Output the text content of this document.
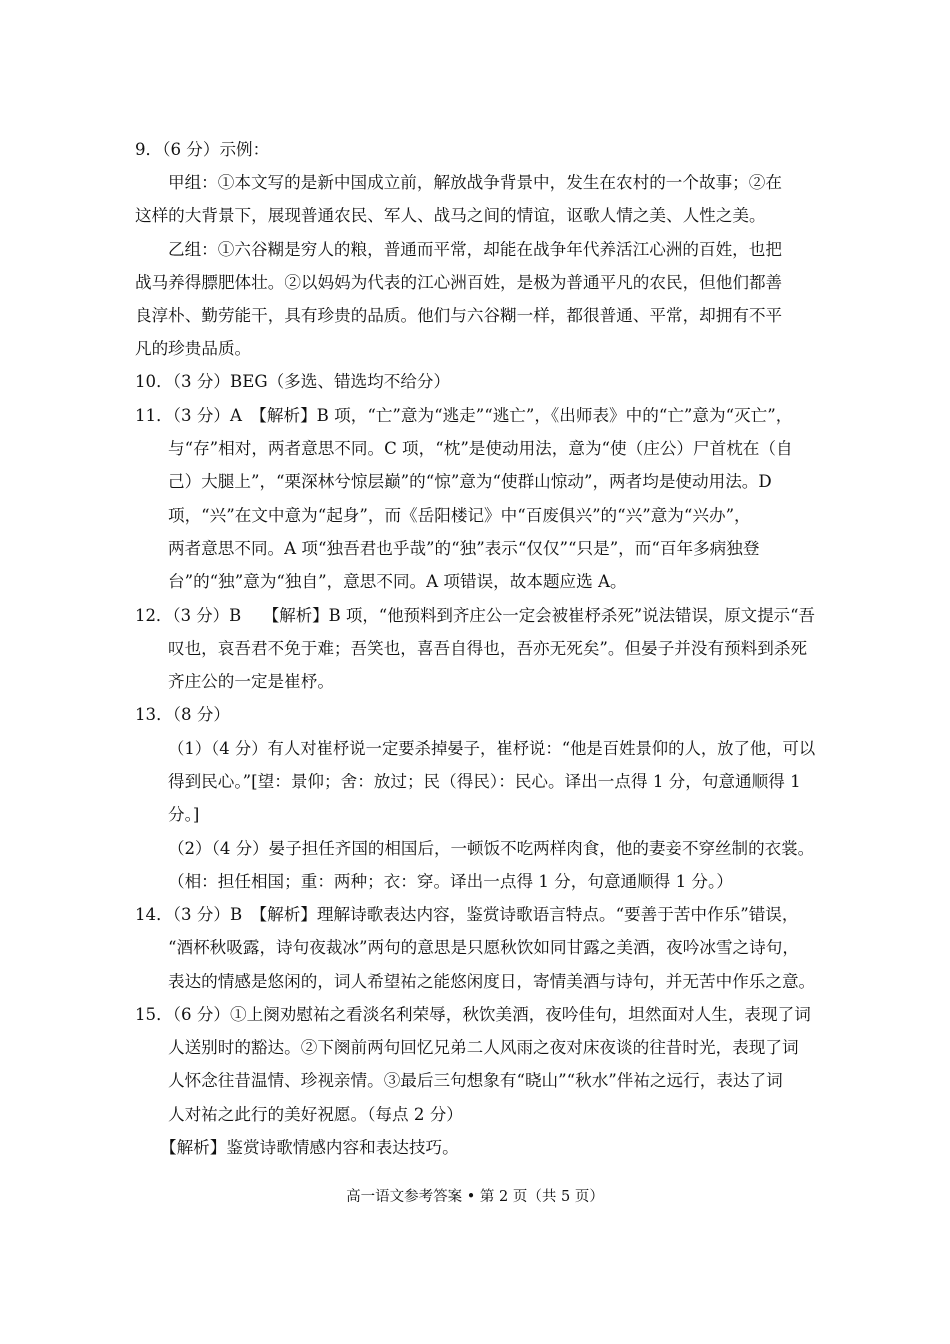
9．（6 分）示例：
甲组：①本文写的是新中国成立前，解放战争背景中，发生在农村的一个故事；②在
这样的大背景下，展现普通农民、军人、战马之间的情谊，讴歌人情之美、人性之美。
乙组：①六谷糊是穷人的粮，普通而平常，却能在战争年代养活江心洲的百姓，也把
战马养得膘肥体壮。②以妈妈为代表的江心洲百姓，是极为普通平凡的农民，但他们都善
良淳朴、勤劳能干，具有珍贵的品质。他们与六谷糊一样，都很普通、平常，却拥有不平
凡的珍贵品质。
10．（3 分）BEG（多选、错选均不给分）
11．（3 分）A　【解析】B 项，“亡”意为“逃走”“逃亡”，《出师表》中的“亡”意为“灭亡”，
与“存”相对，两者意思不同。C 项，“枕”是使动用法，意为“使（庄公）尸首枕在（自
己）大腿上”，“栗深林兮惊层巅”的“惊”意为“使群山惊动”，两者均是使动用法。D
项，“兴”在文中意为“起身”，而《岳阳楼记》中“百废俱兴”的“兴”意为“兴办”，
两者意思不同。A 项“独吾君也乎哉”的“独”表示“仅仅”“只是”，而“百年多病独登
台”的“独”意为“独自”，意思不同。A 项错误，故本题应选 A。
12．（3 分）B　 【解析】B 项，“他预料到齐庄公一定会被崔杼杀死”说法错误，原文提示“吾
叹也，哀吾君不免于难；吾笑也，喜吾自得也，吾亦无死矣”。但晏子并没有预料到杀死
齐庄公的一定是崔杼。
13．（8 分）
（1）（4 分）有人对崔杼说一定要杀掉晏子，崔杼说：“他是百姓景仰的人，放了他，可以
得到民心。”[望：景仰；舍：放过；民（得民）：民心。译出一点得 1 分，句意通顺得 1
分。]
（2）（4 分）晏子担任齐国的相国后，一顿饭不吃两样肉食，他的妻妾不穿丝制的衣裳。
（相：担任相国；重：两种；衣：穿。译出一点得 1 分，句意通顺得 1 分。）
14．（3 分）B　【解析】理解诗歌表达内容，鉴赏诗歌语言特点。“要善于苦中作乐”错误，
“酒杯秋吸露，诗句夜裁冰”两句的意思是只愿秋饮如同甘露之美酒，夜吟冰雪之诗句，
表达的情感是悠闲的，词人希望祐之能悠闲度日，寄情美酒与诗句，并无苦中作乐之意。
15．（6 分）①上阕劝慰祐之看淡名利荣辱，秋饮美酒，夜吟佳句，坦然面对人生，表现了词
人送别时的豁达。②下阕前两句回忆兄弟二人风雨之夜对床夜谈的往昔时光，表现了词
人怀念往昔温情、珍视亲情。③最后三句想象有“晓山”“秋水”伴祐之远行，表达了词
人对祐之此行的美好祝愿。（每点 2 分）
【解析】鉴赏诗歌情感内容和表达技巧。
高一语文参考答案 • 第 2 页（共 5 页）
